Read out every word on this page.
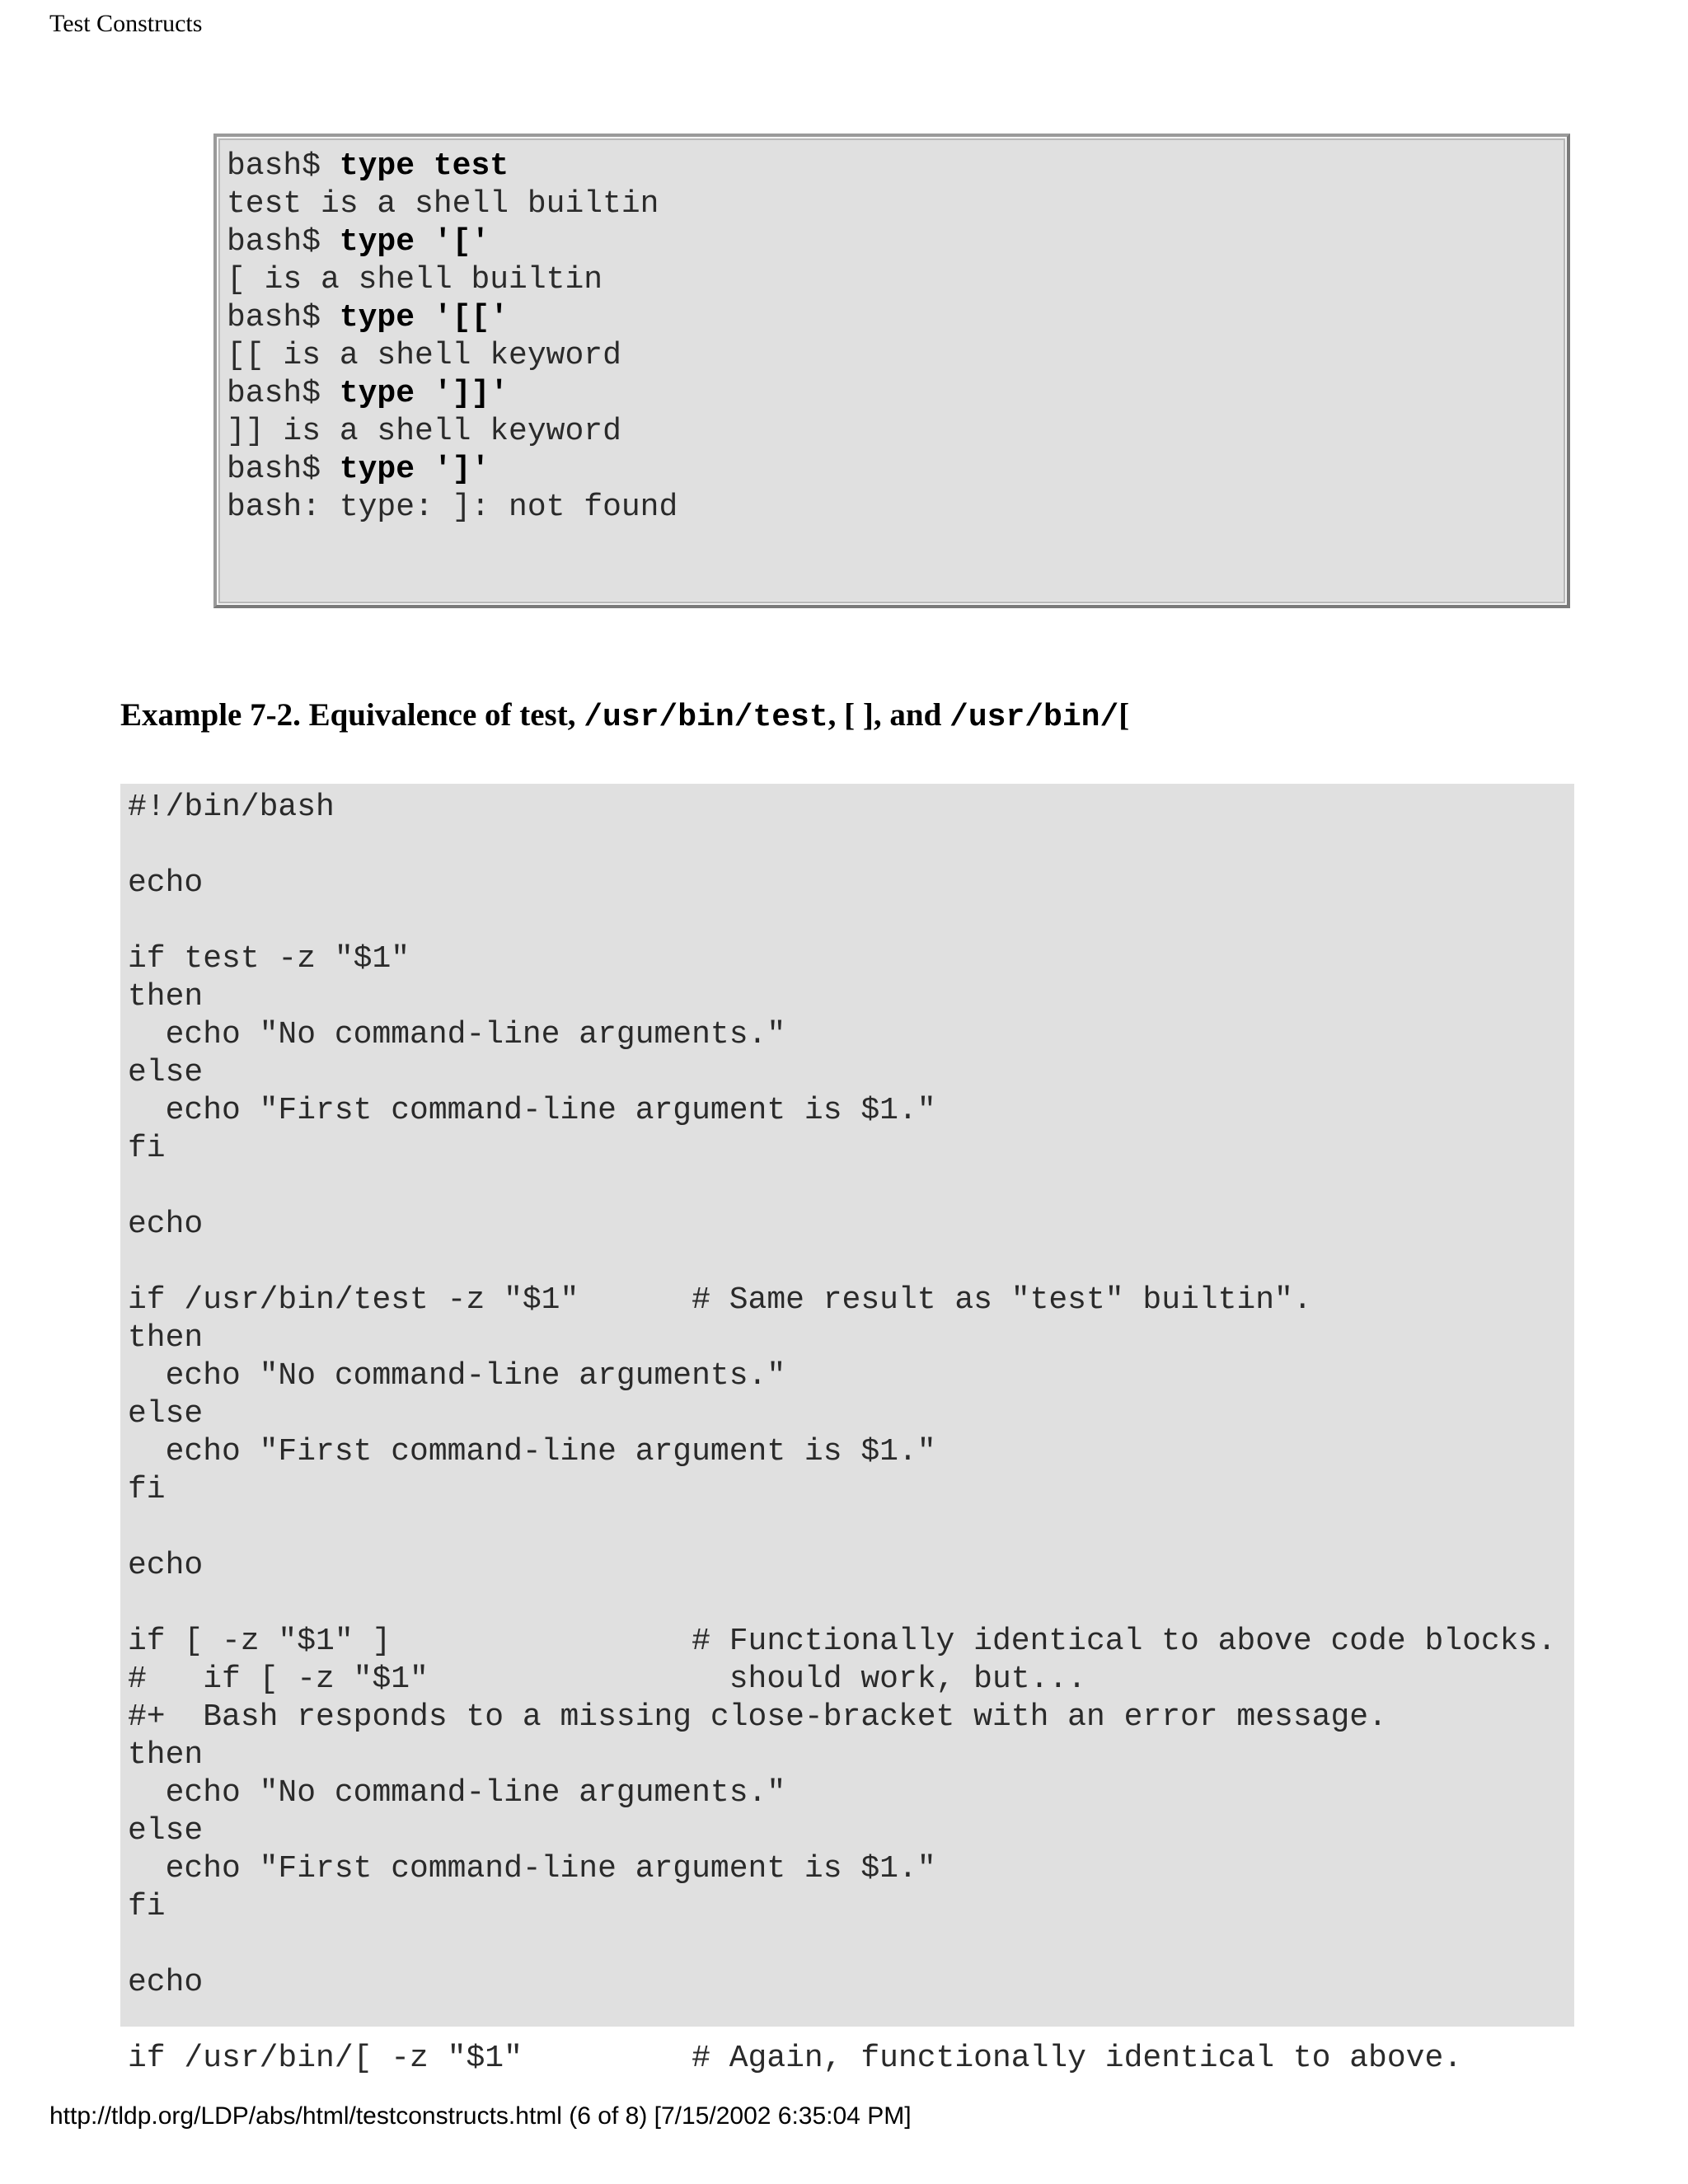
Test Constructs
bash$ type test
test is a shell builtin
bash$ type '['
[ is a shell builtin
bash$ type '[['
[[ is a shell keyword
bash$ type ']]'
]] is a shell keyword
bash$ type ']'
bash: type: ]: not found
Example 7-2. Equivalence of test, /usr/bin/test, [ ], and /usr/bin/[
#!/bin/bash

echo

if test -z "$1"
then
echo "No command-line arguments."
else
echo "First command-line argument is $1."
fi

echo

if /usr/bin/test -z "$1"      # Same result as "test" builtin".
then
echo "No command-line arguments."
else
echo "First command-line argument is $1."
fi

echo

if [ -z "$1" ]                # Functionally identical to above code blocks.
#   if [ -z "$1"                should work, but...
#+  Bash responds to a missing close-bracket with an error message.
then
echo "No command-line arguments."
else
echo "First command-line argument is $1."
fi

echo

if /usr/bin/[ -z "$1"         # Again, functionally identical to above.
http://tldp.org/LDP/abs/html/testconstructs.html (6 of 8) [7/15/2002 6:35:04 PM]
